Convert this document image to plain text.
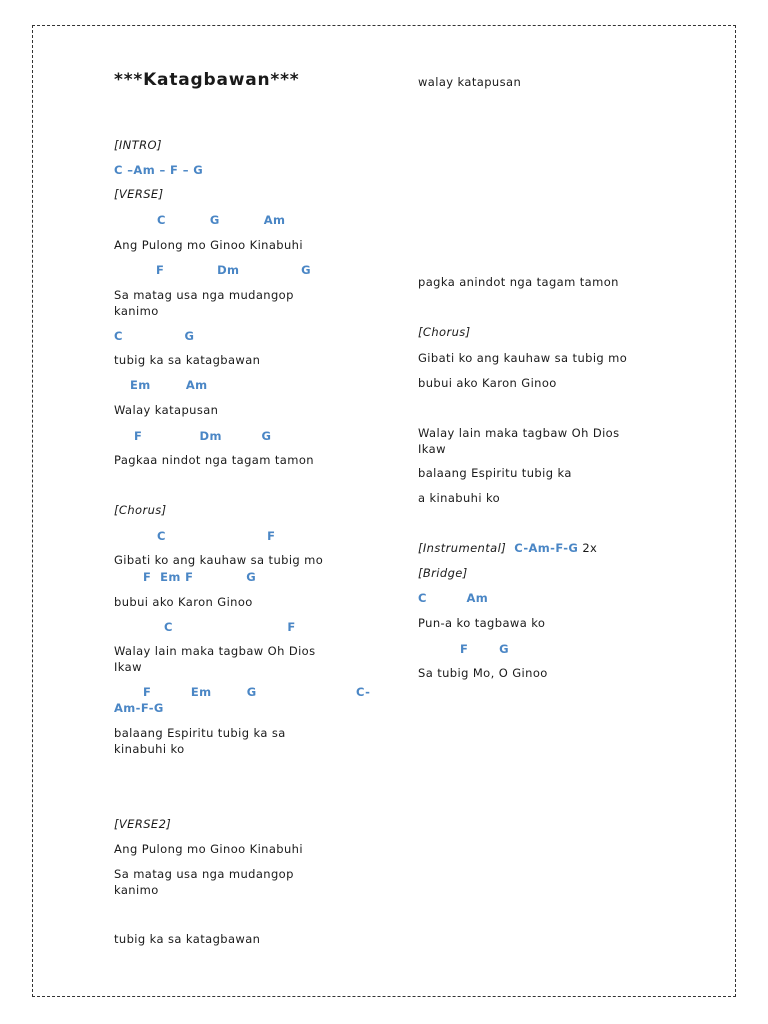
***Katagbawan***
[INTRO]
C –Am – F – G
[VERSE]
C          G          Am
Ang Pulong mo Ginoo Kinabuhi
F            Dm              G
Sa matag usa nga mudangop
kanimo
C              G
tubig ka sa katagbawan
Em        Am
Walay katapusan
F             Dm         G
Pagkaa nindot nga tagam tamon
[Chorus]
C                       F
Gibati ko ang kauhaw sa tubig mo
F  Em F            G
bubui ako Karon Ginoo
C                          F
Walay lain maka tagbaw Oh Dios
Ikaw
F         Em        G	C-
Am-F-G
balaang Espiritu tubig ka sa
kinabuhi ko
[VERSE2]
Ang Pulong mo Ginoo Kinabuhi
Sa matag usa nga mudangop
kanimo
tubig ka sa katagbawan
walay katapusan
pagka anindot nga tagam tamon
[Chorus]
Gibati ko ang kauhaw sa tubig mo
bubui ako Karon Ginoo
Walay lain maka tagbaw Oh Dios
Ikaw
balaang Espiritu tubig ka
a kinabuhi ko
[Instrumental] C-Am-F-G 2x
[Bridge]
C         Am
Pun-a ko tagbawa ko
F       G
Sa tubig Mo, O Ginoo
